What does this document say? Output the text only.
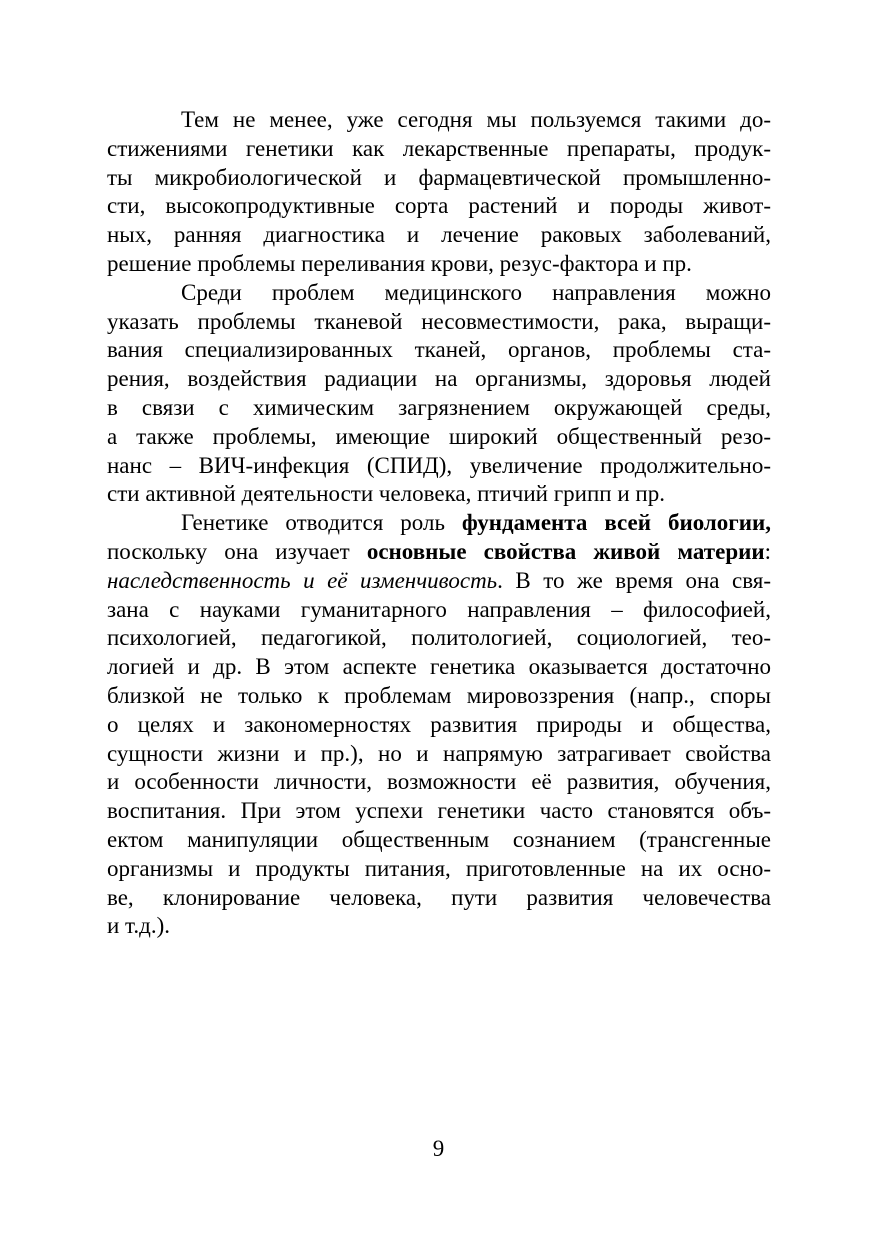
Тем не менее, уже сегодня мы пользуемся такими до-
стижениями генетики как лекарственные препараты, продук-
ты микробиологической и фармацевтической промышленно-
сти, высокопродуктивные сорта растений и породы живот-
ных, ранняя диагностика и лечение раковых заболеваний,
решение проблемы переливания крови, резус-фактора и пр.
Среди проблем медицинского направления можно
указать проблемы тканевой несовместимости, рака, выращи-
вания специализированных тканей, органов, проблемы ста-
рения, воздействия радиации на организмы, здоровья людей
в связи с химическим загрязнением окружающей среды,
а также проблемы, имеющие широкий общественный резо-
нанс – ВИЧ-инфекция (СПИД), увеличение продолжительно-
сти активной деятельности человека, птичий грипп и пр.
Генетике отводится роль фундамента всей биологии,
поскольку она изучает основные свойства живой материи:
наследственность и её изменчивость. В то же время она свя-
зана с науками гуманитарного направления – философией,
психологией, педагогикой, политологией, социологией, тео-
логией и др. В этом аспекте генетика оказывается достаточно
близкой не только к проблемам мировоззрения (напр., споры
о целях и закономерностях развития природы и общества,
сущности жизни и пр.), но и напрямую затрагивает свойства
и особенности личности, возможности её развития, обучения,
воспитания. При этом успехи генетики часто становятся объ-
ектом манипуляции общественным сознанием (трансгенные
организмы и продукты питания, приготовленные на их осно-
ве, клонирование человека, пути развития человечества
и т.д.).
9
